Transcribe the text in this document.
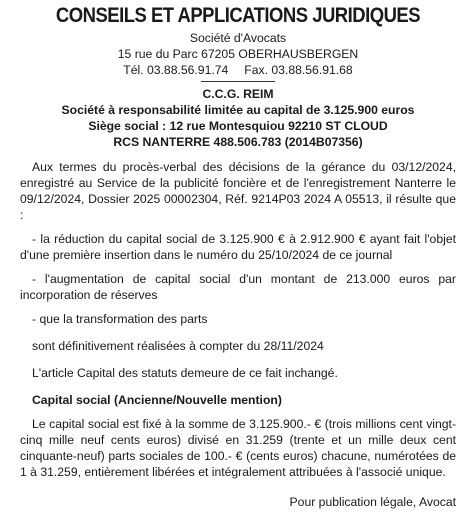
CONSEILS ET APPLICATIONS JURIDIQUES
Société d'Avocats
15 rue du Parc 67205 OBERHAUSBERGEN
Tél. 03.88.56.91.74 Fax. 03.88.56.91.68
C.C.G. REIM
Société à responsabilité limitée au capital de 3.125.900 euros
Siège social : 12 rue Montesquiou 92210 ST CLOUD
RCS NANTERRE 488.506.783 (2014B07356)

Aux termes du procès-verbal des décisions de la gérance du 03/12/2024, enregistré au Service de la publicité foncière et de l'enregistrement Nanterre le 09/12/2024, Dossier 2025 00002304, Réf. 9214P03 2024 A 05513, il résulte que :

- la réduction du capital social de 3.125.900 € à 2.912.900 € ayant fait l'objet d'une première insertion dans le numéro du 25/10/2024 de ce journal

- l'augmentation de capital social d'un montant de 213.000 euros par incorporation de réserves

- que la transformation des parts

sont définitivement réalisées à compter du 28/11/2024

L'article Capital des statuts demeure de ce fait inchangé.

Capital social (Ancienne/Nouvelle mention)

Le capital social est fixé à la somme de 3.125.900.- € (trois millions cent vingt-cinq mille neuf cents euros) divisé en 31.259 (trente et un mille deux cent cinquante-neuf) parts sociales de 100.- € (cents euros) chacune, numérotées de 1 à 31.259, entièrement libérées et intégralement attribuées à l'associé unique.

Pour publication légale, Avocat
